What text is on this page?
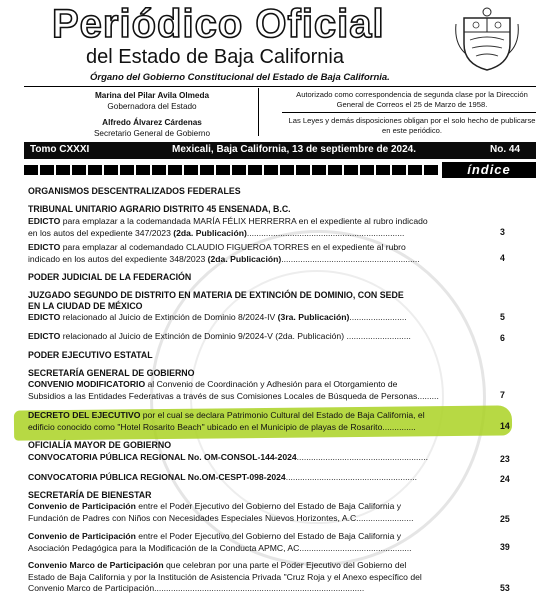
Periódico Oficial
del Estado de Baja California
Órgano del Gobierno Constitucional del Estado de Baja California.
Marina del Pilar Avila Olmeda
Gobernadora del Estado
Alfredo Álvarez Cárdenas
Secretario General de Gobierno
Autorizado como correspondencia de segunda clase por la Dirección General de Correos el 25 de Marzo de 1958.
Las Leyes y demás disposiciones obligan por el solo hecho de publicarse en este periódico.
Tomo CXXXI	Mexicali, Baja California, 13 de septiembre de 2024.	No. 44
índice
ORGANISMOS DESCENTRALIZADOS FEDERALES
TRIBUNAL UNITARIO AGRARIO DISTRITO 45 ENSENADA, B.C.
EDICTO para emplazar a la codemandada MARÍA FÉLIX HERRERRA en el expediente al rubro indicado
en los autos del expediente 347/2023 (2da. Publicación)..................................................................	3
EDICTO para emplazar al codemandado CLAUDIO FIGUEROA TORRES en el expediente al rubro
indicado en los autos del expediente 348/2023 (2da. Publicación)..........................................................	4
PODER JUDICIAL DE LA FEDERACIÓN
JUZGADO SEGUNDO DE DISTRITO EN MATERIA DE EXTINCIÓN DE DOMINIO, CON SEDE
EN LA CIUDAD DE MÉXICO
EDICTO relacionado al Juicio de Extinción de Dominio 8/2024-IV (3ra. Publicación)........................	5
EDICTO relacionado al Juicio de Extinción de Dominio 9/2024-V (2da. Publicación) ...........................	6
PODER EJECUTIVO ESTATAL
SECRETARÍA GENERAL DE GOBIERNO
CONVENIO MODIFICATORIO al Convenio de Coordinación y Adhesión para el Otorgamiento de
Subsidios a las Entidades Federativas a través de sus Comisiones Locales de Búsqueda de Personas.........	7
DECRETO DEL EJECUTIVO por el cual se declara Patrimonio Cultural del Estado de Baja California, el
edificio conocido como "Hotel Rosarito Beach" ubicado en el Municipio de playas de Rosarito..............	14
OFICIALÍA MAYOR DE GOBIERNO
CONVOCATORIA PÚBLICA REGIONAL No. OM-CONSOL-144-2024.......................................................	23
CONVOCATORIA PÚBLICA REGIONAL No.OM-CESPT-098-2024.......................................................	24
SECRETARÍA DE BIENESTAR
Convenio de Participación entre el Poder Ejecutivo del Gobierno del Estado de Baja California y
Fundación de Padres con Niños con Necesidades Especiales Nuevos Horizontes, A.C........................	25
Convenio de Participación entre el Poder Ejecutivo del Gobierno del Estado de Baja California y
Asociación Pedagógica para la Modificación de la Conducta APMC, AC...............................................	39
Convenio Marco de Participación que celebran por una parte el Poder Ejecutivo del Gobierno del
Estado de Baja California y por la Institución de Asistencia Privada "Cruz Roja y el Anexo específico del
Convenio Marco de Participación........................................................................................	53
